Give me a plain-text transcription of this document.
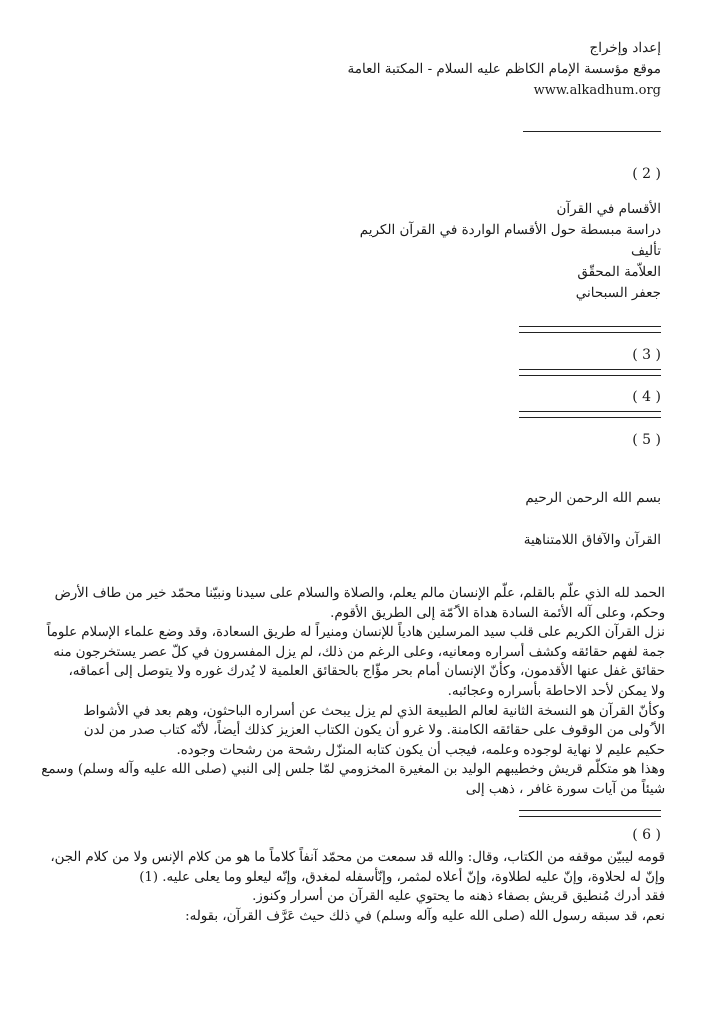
إعداد وإخراج
موقع مؤسسة الإمام الكاظم عليه السلام - المكتبة العامة
www.alkadhum.org
( 2 )
الأقسام في القرآن
دراسة مبسطة حول الأقسام الواردة في القرآن الكريم
تأليف
العلاّمة المحقّق
جعفر السبحاني
( 3 )
( 4 )
( 5 )
بسم الله الرحمن الرحيم
القرآن والآفاق اللامتناهية
الحمد لله الذي علّم بالقلم، علّم الإنسان مالم يعلم، والصلاة والسلام على سيدنا ونبيّنا محمّد خير من طاف الأرض
وحكم، وعلى آله الأئمة السادة هداة الأ ُمّة إلى الطريق الأقوم.
نزل القرآن الكريم على قلب سيد المرسلين هادياً للإنسان ومنيراً له طريق السعادة، وقد وضع علماء الإسلام علوماً
جمة لفهم حقائقه وكشف أسراره ومعانيه، وعلى الرغم من ذلك، لم يزل المفسرون في كلّ عصر يستخرجون منه
حقائق غفل عنها الأقدمون، وكأنّ الإنسان أمام بحر مؤّاج بالحقائق العلمية لا يُدرك غوره ولا يتوصل إلى أعماقه،
ولا يمكن لأحد الاحاطة بأسراره وعجائبه.
وكأنّ القرآن هو النسخة الثانية لعالم الطبيعة الذي لم يزل يبحث عن أسراره الباحثون، وهم بعد في الأشواط
الأ ُولى من الوقوف على حقائقه الكامنة. ولا غرو أن يكون الكتاب العزيز كذلك أيضاً، لأنّه كتاب صدر من لدن
حكيم عليم لا نهاية لوجوده وعلمه، فيجب أن يكون كتابه المنزّل رشحة من رشحات وجوده.
وهذا هو متكلّم قريش وخطيبهم الوليد بن المغيرة المخزومي لمّا جلس إلى النبي (صلى الله عليه وآله وسلم) وسمع
شيئاً من آيات سورة غافر ، ذهب إلى
( 6 )
قومه ليبيّن موقفه من الكتاب، وقال: والله قد سمعت من محمّد آنفاً كلاماً ما هو من كلام الإنس ولا من كلام الجن،
وإنّ له لحلاوة، وإنّ عليه لطلاوة، وإنّ أعلاه لمثمر، وإنّأسفله لمغدق، وإنّه ليعلو وما يعلى عليه. (1)
فقد أدرك مُنطيق قريش بصفاء ذهنه ما يحتوي عليه القرآن من أسرار وكنوز.
نعم، قد سبقه رسول الله (صلى الله عليه وآله وسلم) في ذلك حيث عَرَّف القرآن، بقوله:
